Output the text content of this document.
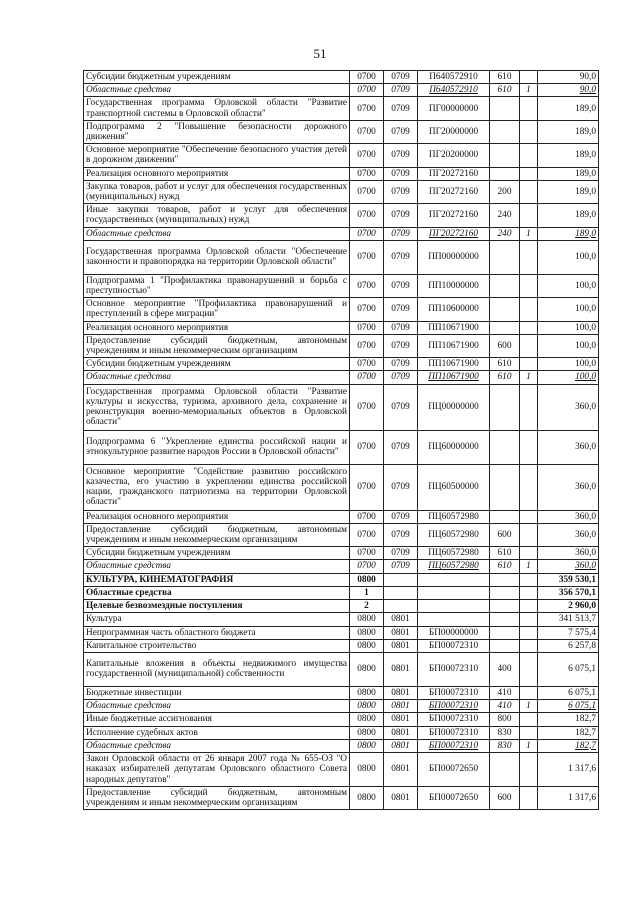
51
Субсидии бюджетным учреждениям	0700	0709	П640572910	610		90,0
Областные средства	0700	0709	П640572910	610	1	90,0
Государственная программа Орловской области "Развитие транспортной системы в Орловской области"	0700	0709	ПГ00000000			189,0
Подпрограмма 2 "Повышение безопасности дорожного движения"	0700	0709	ПГ20000000			189,0
Основное мероприятие "Обеспечение безопасного участия детей в дорожном движении"	0700	0709	ПГ20200000			189,0
Реализация основного мероприятия	0700	0709	ПГ20272160			189,0
Закупка товаров, работ и услуг для обеспечения государственных (муниципальных) нужд	0700	0709	ПГ20272160	200		189,0
Иные закупки товаров, работ и услуг для обеспечения государственных (муниципальных) нужд	0700	0709	ПГ20272160	240		189,0
Областные средства	0700	0709	ПГ20272160	240	1	189,0
Государственная программа Орловской области "Обеспечение законности и правопорядка на территории Орловской области"	0700	0709	ПП00000000			100,0
Подпрограмма 1 "Профилактика правонарушений и борьба с преступностью"	0700	0709	ПП10000000			100,0
Основное мероприятие "Профилактика правонарушений и преступлений в сфере миграции"	0700	0709	ПП10600000			100,0
Реализация основного мероприятия	0700	0709	ПП10671900			100,0
Предоставление субсидий бюджетным, автономным учреждениям и иным некоммерческим организациям	0700	0709	ПП10671900	600		100,0
Субсидии бюджетным учреждениям	0700	0709	ПП10671900	610		100,0
Областные средства	0700	0709	ПП10671900	610	1	100,0
Государственная программа Орловской области "Развитие культуры и искусства, туризма, архивного дела, сохранение и реконструкция военно-мемориальных объектов в Орловской области"	0700	0709	ПЦ00000000			360,0
Подпрограмма 6 "Укрепление единства российской нации и этнокультурное развитие народов России в Орловской области"	0700	0709	ПЦ60000000			360,0
Основное мероприятие "Содействие развитию российского казачества, его участию в укреплении единства российской нации, гражданского патриотизма на территории Орловской области"	0700	0709	ПЦ60500000			360,0
Реализация основного мероприятия	0700	0709	ПЦ60572980			360,0
Предоставление субсидий бюджетным, автономным учреждениям и иным некоммерческим организациям	0700	0709	ПЦ60572980	600		360,0
Субсидии бюджетным учреждениям	0700	0709	ПЦ60572980	610		360,0
Областные средства	0700	0709	ПЦ60572980	610	1	360,0
КУЛЬТУРА, КИНЕМАТОГРАФИЯ	0800					359 530,1
Областные средства	1					356 570,1
Целевые безвозмездные поступления	2					2 960,0
Культура	0800	0801				341 513,7
Непрограммная часть областного бюджета	0800	0801	БП00000000			7 575,4
Капитальное строительство	0800	0801	БП00072310			6 257,8
Капитальные вложения в объекты недвижимого имущества государственной (муниципальной) собственности	0800	0801	БП00072310	400		6 075,1
Бюджетные инвестиции	0800	0801	БП00072310	410		6 075,1
Областные средства	0800	0801	БП00072310	410	1	6 075,1
Иные бюджетные ассигнования	0800	0801	БП00072310	800		182,7
Исполнение судебных актов	0800	0801	БП00072310	830		182,7
Областные средства	0800	0801	БП00072310	830	1	182,7
Закон Орловской области от 26 января 2007 года № 655-ОЗ "О наказах избирателей депутатам Орловского областного Совета народных депутатов"	0800	0801	БП00072650			1 317,6
Предоставление субсидий бюджетным, автономным учреждениям и иным некоммерческим организациям	0800	0801	БП00072650	600		1 317,6
